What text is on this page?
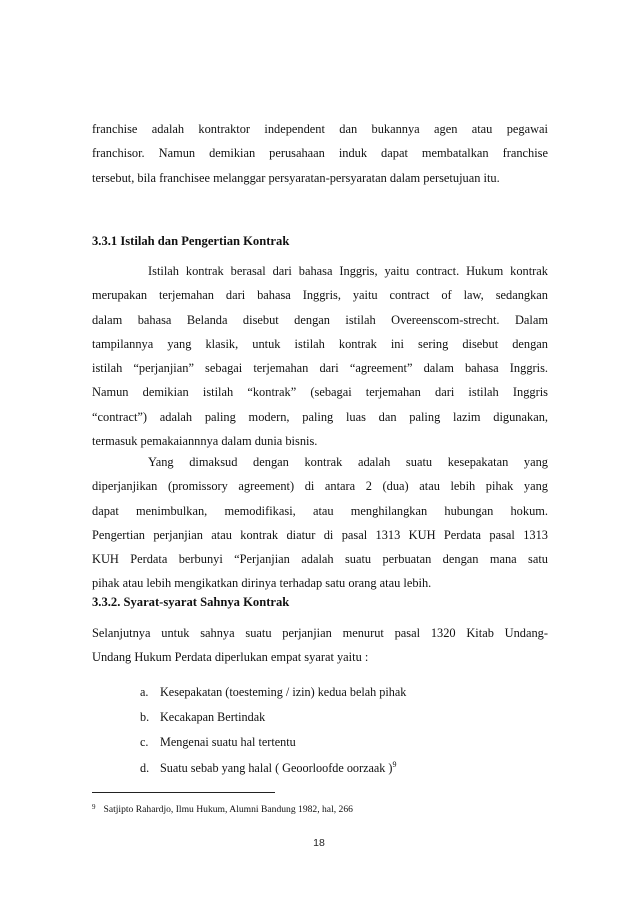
franchise adalah kontraktor independent dan bukannya agen atau pegawai
franchisor. Namun demikian perusahaan induk dapat membatalkan franchise
tersebut, bila franchisee melanggar persyaratan-persyaratan dalam persetujuan itu.
3.3.1 Istilah dan Pengertian Kontrak
Istilah kontrak berasal dari bahasa Inggris, yaitu contract. Hukum kontrak
merupakan terjemahan dari bahasa Inggris, yaitu contract of law, sedangkan
dalam bahasa Belanda disebut dengan istilah Overeenscom-strecht. Dalam
tampilannya yang klasik, untuk istilah kontrak ini sering disebut dengan
istilah “perjanjian” sebagai terjemahan dari “agreement” dalam bahasa Inggris.
Namun demikian istilah “kontrak” (sebagai terjemahan dari istilah Inggris
“contract”) adalah paling modern, paling luas dan paling lazim digunakan,
termasuk pemakaiannnya dalam dunia bisnis.
Yang dimaksud dengan kontrak adalah suatu kesepakatan yang
diperjanjikan (promissory agreement) di antara 2 (dua) atau lebih pihak yang
dapat menimbulkan, memodifikasi, atau menghilangkan hubungan hokum.
Pengertian perjanjian atau kontrak diatur di pasal 1313 KUH Perdata pasal 1313
KUH Perdata berbunyi “Perjanjian adalah suatu perbuatan dengan mana satu
pihak atau lebih mengikatkan dirinya terhadap satu orang atau lebih.
3.3.2. Syarat-syarat Sahnya Kontrak
Selanjutnya untuk sahnya suatu perjanjian menurut pasal 1320 Kitab Undang-
Undang Hukum Perdata diperlukan empat syarat yaitu :
a. Kesepakatan (toesteming / izin) kedua belah pihak
b. Kecakapan Bertindak
c. Mengenai suatu hal tertentu
d. Suatu sebab yang halal ( Geoorloofde oorzaak )$^9$
$^9$ Satjipto Rahardjo, Ilmu Hukum, Alumni Bandung 1982, hal, 266
18
